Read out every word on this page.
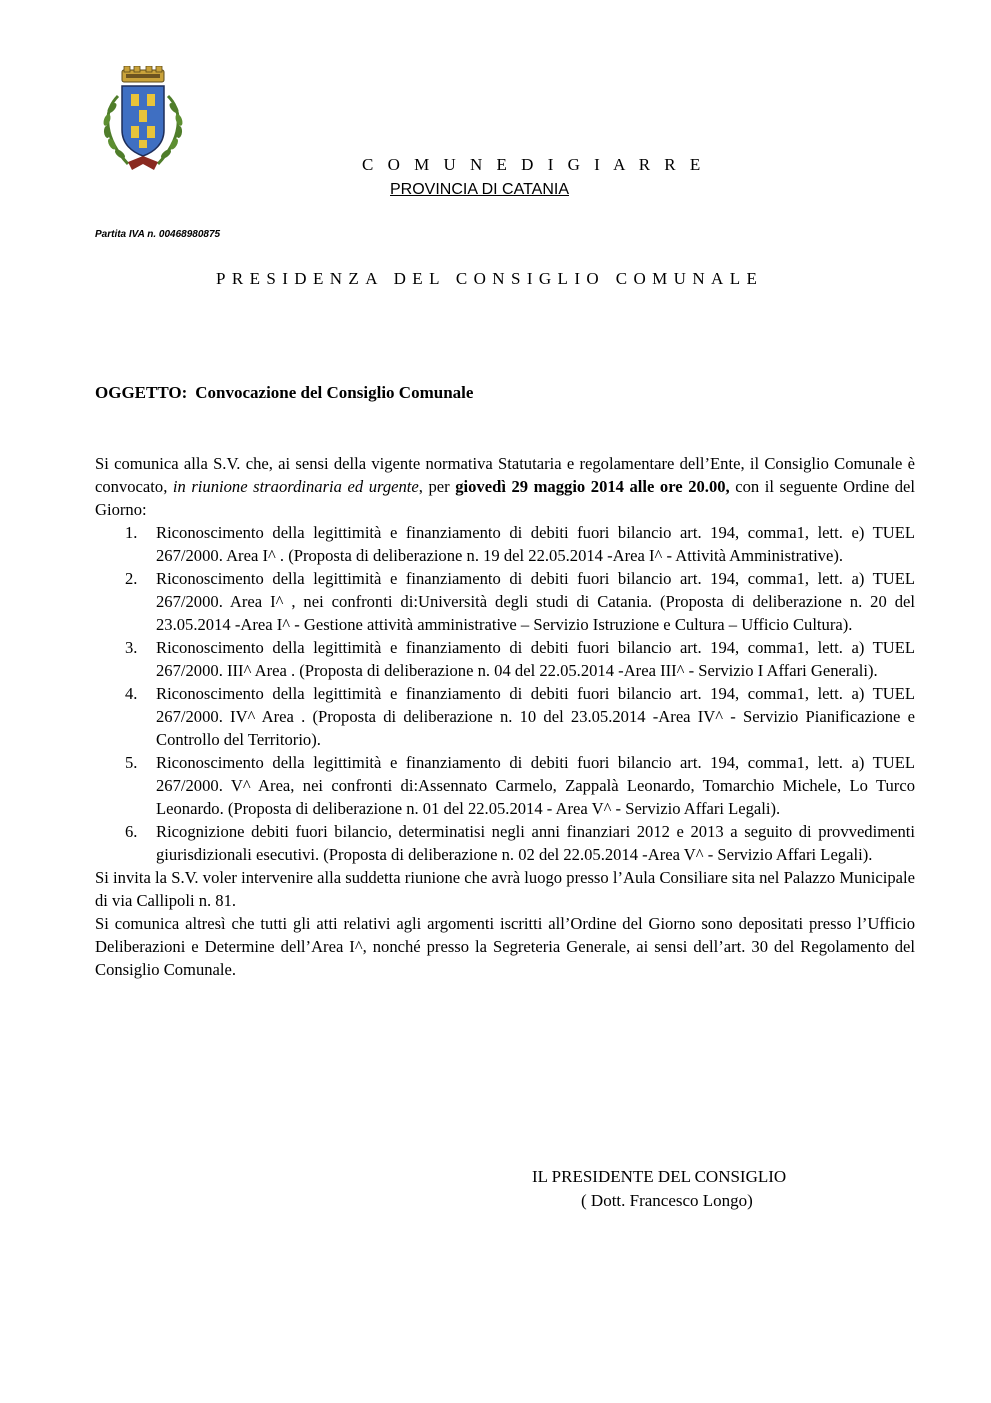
C O M U N E D I G I A R R E
PROVINCIA DI CATANIA
Partita IVA n. 00468980875
PRESIDENZA DEL CONSIGLIO COMUNALE
OGGETTO: Convocazione del Consiglio Comunale

Si comunica alla S.V. che, ai sensi della vigente normativa Statutaria e regolamentare dell’Ente, il Consiglio Comunale è convocato, in riunione straordinaria ed urgente, per giovedì 29 maggio 2014 alle ore 20.00, con il seguente Ordine del Giorno:

1. Riconoscimento della legittimità e finanziamento di debiti fuori bilancio art. 194, comma1, lett. e) TUEL 267/2000. Area I^ . (Proposta di deliberazione n. 19 del 22.05.2014 -Area I^ - Attività Amministrative).
2. Riconoscimento della legittimità e finanziamento di debiti fuori bilancio art. 194, comma1, lett. a) TUEL 267/2000. Area I^ , nei confronti di:Università degli studi di Catania. (Proposta di deliberazione n. 20 del 23.05.2014 -Area I^ - Gestione attività amministrative – Servizio Istruzione e Cultura – Ufficio Cultura).
3. Riconoscimento della legittimità e finanziamento di debiti fuori bilancio art. 194, comma1, lett. a) TUEL 267/2000. III^ Area . (Proposta di deliberazione n. 04 del 22.05.2014 -Area III^ - Servizio I Affari Generali).
4. Riconoscimento della legittimità e finanziamento di debiti fuori bilancio art. 194, comma1, lett. a) TUEL 267/2000. IV^ Area . (Proposta di deliberazione n. 10 del 23.05.2014 -Area IV^ - Servizio Pianificazione e Controllo del Territorio).
5. Riconoscimento della legittimità e finanziamento di debiti fuori bilancio art. 194, comma1, lett. a) TUEL 267/2000. V^ Area, nei confronti di:Assennato Carmelo, Zappalà Leonardo, Tomarchio Michele, Lo Turco Leonardo. (Proposta di deliberazione n. 01 del 22.05.2014 - Area V^ - Servizio Affari Legali).
6. Ricognizione debiti fuori bilancio, determinatisi negli anni finanziari 2012 e 2013 a seguito di provvedimenti giurisdizionali esecutivi. (Proposta di deliberazione n. 02 del 22.05.2014 -Area V^ - Servizio Affari Legali).

Si invita la S.V. voler intervenire alla suddetta riunione che avrà luogo presso l’Aula Consiliare sita nel Palazzo Municipale di via Callipoli n. 81.

Si comunica altresì che tutti gli atti relativi agli argomenti iscritti all’Ordine del Giorno sono depositati presso l’Ufficio Deliberazioni e Determine dell’Area I^, nonché presso la Segreteria Generale, ai sensi dell’art. 30 del Regolamento del Consiglio Comunale.

IL PRESIDENTE DEL CONSIGLIO
( Dott. Francesco Longo)
